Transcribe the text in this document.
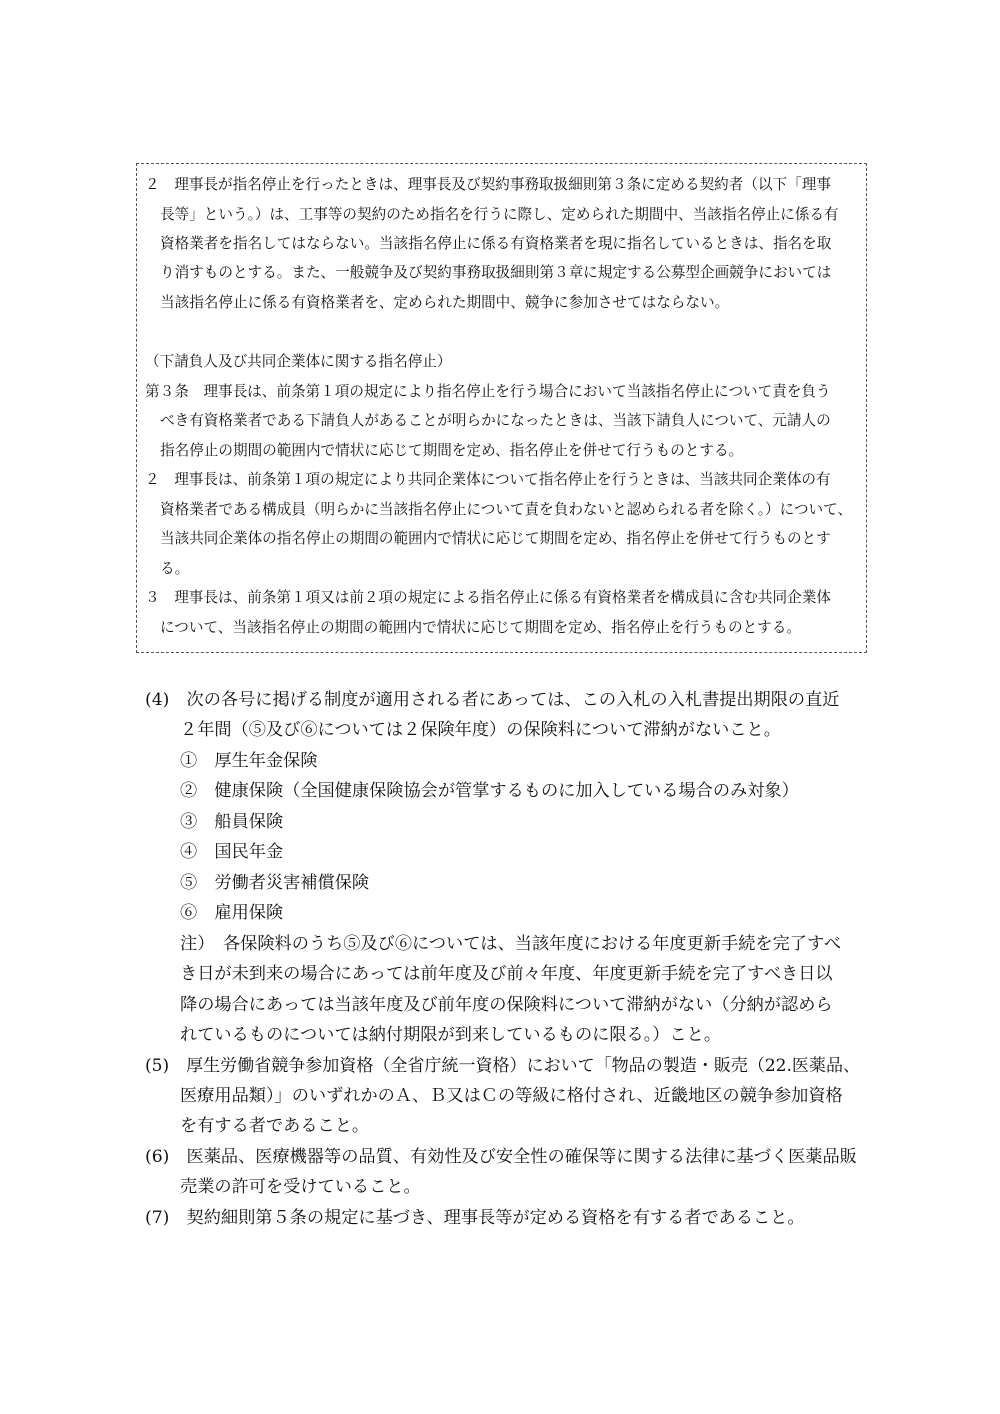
２　理事長が指名停止を行ったときは、理事長及び契約事務取扱細則第３条に定める契約者（以下「理事
長等」という。）は、工事等の契約のため指名を行うに際し、定められた期間中、当該指名停止に係る有
資格業者を指名してはならない。当該指名停止に係る有資格業者を現に指名しているときは、指名を取
り消すものとする。また、一般競争及び契約事務取扱細則第３章に規定する公募型企画競争においては
当該指名停止に係る有資格業者を、定められた期間中、競争に参加させてはならない。
（下請負人及び共同企業体に関する指名停止）
第３条　理事長は、前条第１項の規定により指名停止を行う場合において当該指名停止について責を負う
べき有資格業者である下請負人があることが明らかになったときは、当該下請負人について、元請人の
指名停止の期間の範囲内で情状に応じて期間を定め、指名停止を併せて行うものとする。
２　理事長は、前条第１項の規定により共同企業体について指名停止を行うときは、当該共同企業体の有
資格業者である構成員（明らかに当該指名停止について責を負わないと認められる者を除く。）について、
当該共同企業体の指名停止の期間の範囲内で情状に応じて期間を定め、指名停止を併せて行うものとす
る。
３　理事長は、前条第１項又は前２項の規定による指名停止に係る有資格業者を構成員に含む共同企業体
について、当該指名停止の期間の範囲内で情状に応じて期間を定め、指名停止を行うものとする。
(4)　次の各号に掲げる制度が適用される者にあっては、この入札の入札書提出期限の直近
２年間（⑤及び⑥については２保険年度）の保険料について滞納がないこと。
①　厚生年金保険
②　健康保険（全国健康保険協会が管掌するものに加入している場合のみ対象）
③　船員保険
④　国民年金
⑤　労働者災害補償保険
⑥　雇用保険
注）　各保険料のうち⑤及び⑥については、当該年度における年度更新手続を完了すべ
き日が未到来の場合にあっては前年度及び前々年度、年度更新手続を完了すべき日以
降の場合にあっては当該年度及び前年度の保険料について滞納がない（分納が認めら
れているものについては納付期限が到来しているものに限る。）こと。
(5)　厚生労働省競争参加資格（全省庁統一資格）において「物品の製造・販売（22.医薬品、
医療用品類）」のいずれかのＡ、Ｂ又はＣの等級に格付され、近畿地区の競争参加資格
を有する者であること。
(6)　医薬品、医療機器等の品質、有効性及び安全性の確保等に関する法律に基づく医薬品販
売業の許可を受けていること。
(7)　契約細則第５条の規定に基づき、理事長等が定める資格を有する者であること。
